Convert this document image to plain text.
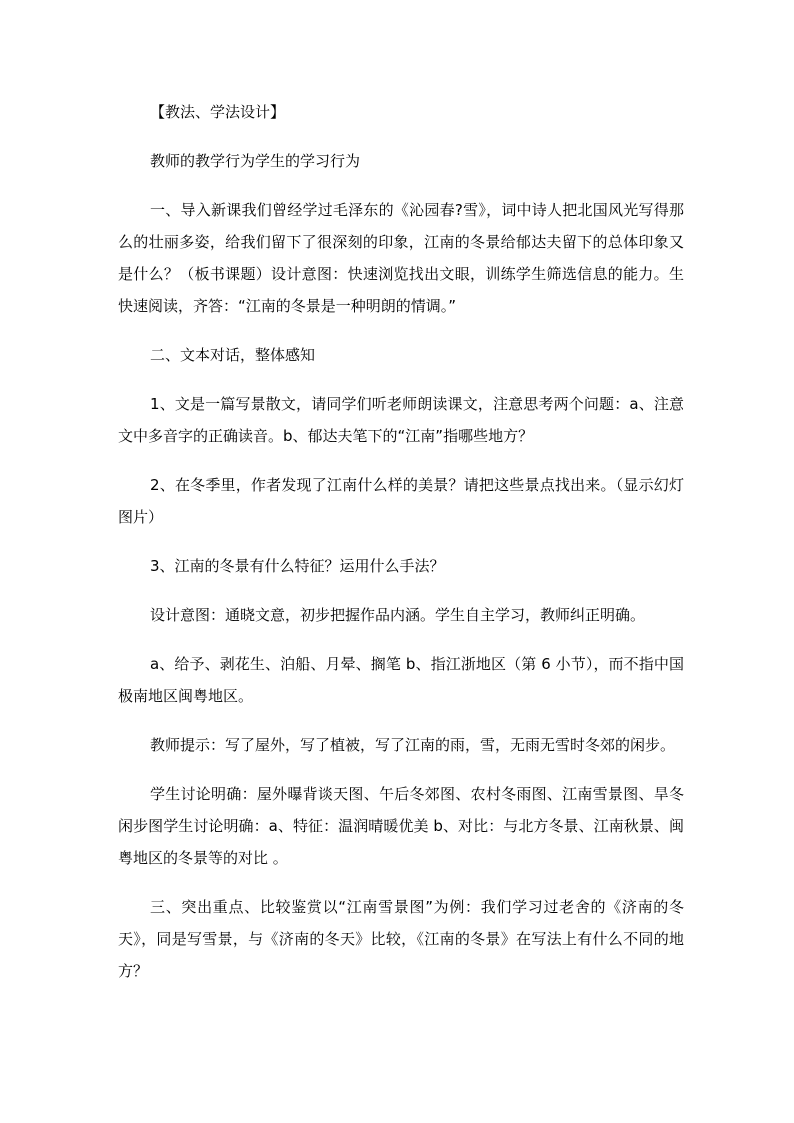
【教法、学法设计】

教师的教学行为学生的学习行为

一、导入新课我们曾经学过毛泽东的《沁园春?雪》，词中诗人把北国风光写得那么的壮丽多姿，给我们留下了很深刻的印象，江南的冬景给郁达夫留下的总体印象又是什么？（板书课题）设计意图：快速浏览找出文眼，训练学生筛选信息的能力。生快速阅读，齐答：“江南的冬景是一种明朗的情调。”

二、文本对话，整体感知

1、文是一篇写景散文，请同学们听老师朗读课文，注意思考两个问题：a、注意文中多音字的正确读音。b、郁达夫笔下的“江南”指哪些地方？

2、在冬季里，作者发现了江南什么样的美景？请把这些景点找出来。（显示幻灯图片）

3、江南的冬景有什么特征？运用什么手法？

设计意图：通晓文意，初步把握作品内涵。学生自主学习，教师纠正明确。

a、给予、剥花生、泊船、月晕、搁笔 b、指江浙地区（第 6 小节），而不指中国极南地区闽粤地区。

教师提示：写了屋外，写了植被，写了江南的雨，雪，无雨无雪时冬郊的闲步。

学生讨论明确：屋外曝背谈天图、午后冬郊图、农村冬雨图、江南雪景图、旱冬闲步图学生讨论明确：a、特征：温润晴暖优美 b、对比：与北方冬景、江南秋景、闽粤地区的冬景等的对比 。

三、突出重点、比较鉴赏以“江南雪景图”为例：我们学习过老舍的《济南的冬天》，同是写雪景，与《济南的冬天》比较，《江南的冬景》在写法上有什么不同的地方？
